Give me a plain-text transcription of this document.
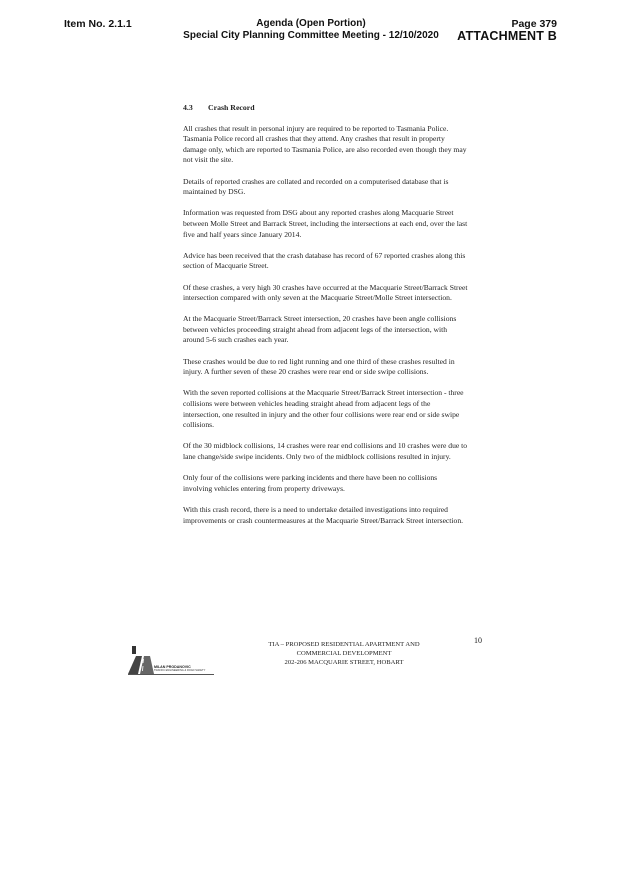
Item No. 2.1.1	Agenda (Open Portion)
Special City Planning Committee Meeting - 12/10/2020
Page 379
ATTACHMENT B
4.3 Crash Record

All crashes that result in personal injury are required to be reported to Tasmania Police. Tasmania Police record all crashes that they attend. Any crashes that result in property damage only, which are reported to Tasmania Police, are also recorded even though they may not visit the site.

Details of reported crashes are collated and recorded on a computerised database that is maintained by DSG.

Information was requested from DSG about any reported crashes along Macquarie Street between Molle Street and Barrack Street, including the intersections at each end, over the last five and half years since January 2014.

Advice has been received that the crash database has record of 67 reported crashes along this section of Macquarie Street.

Of these crashes, a very high 30 crashes have occurred at the Macquarie Street/Barrack Street intersection compared with only seven at the Macquarie Street/Molle Street intersection.

At the Macquarie Street/Barrack Street intersection, 20 crashes have been angle collisions between vehicles proceeding straight ahead from adjacent legs of the intersection, with around 5-6 such crashes each year.

These crashes would be due to red light running and one third of these crashes resulted in injury. A further seven of these 20 crashes were rear end or side swipe collisions.

With the seven reported collisions at the Macquarie Street/Barrack Street intersection - three collisions were between vehicles heading straight ahead from adjacent legs of the intersection, one resulted in injury and the other four collisions were rear end or side swipe collisions.

Of the 30 midblock collisions, 14 crashes were rear end collisions and 10 crashes were due to lane change/side swipe incidents. Only two of the midblock collisions resulted in injury.

Only four of the collisions were parking incidents and there have been no collisions involving vehicles entering from property driveways.

With this crash record, there is a need to undertake detailed investigations into required improvements or crash countermeasures at the Macquarie Street/Barrack Street intersection.

MILAN PRODANOVIC
TRAFFIC ENGINEERING & ROAD SAFETY
TIA – PROPOSED RESIDENTIAL APARTMENT AND
COMMERCIAL DEVELOPMENT
202-206 MACQUARIE STREET, HOBART
10
